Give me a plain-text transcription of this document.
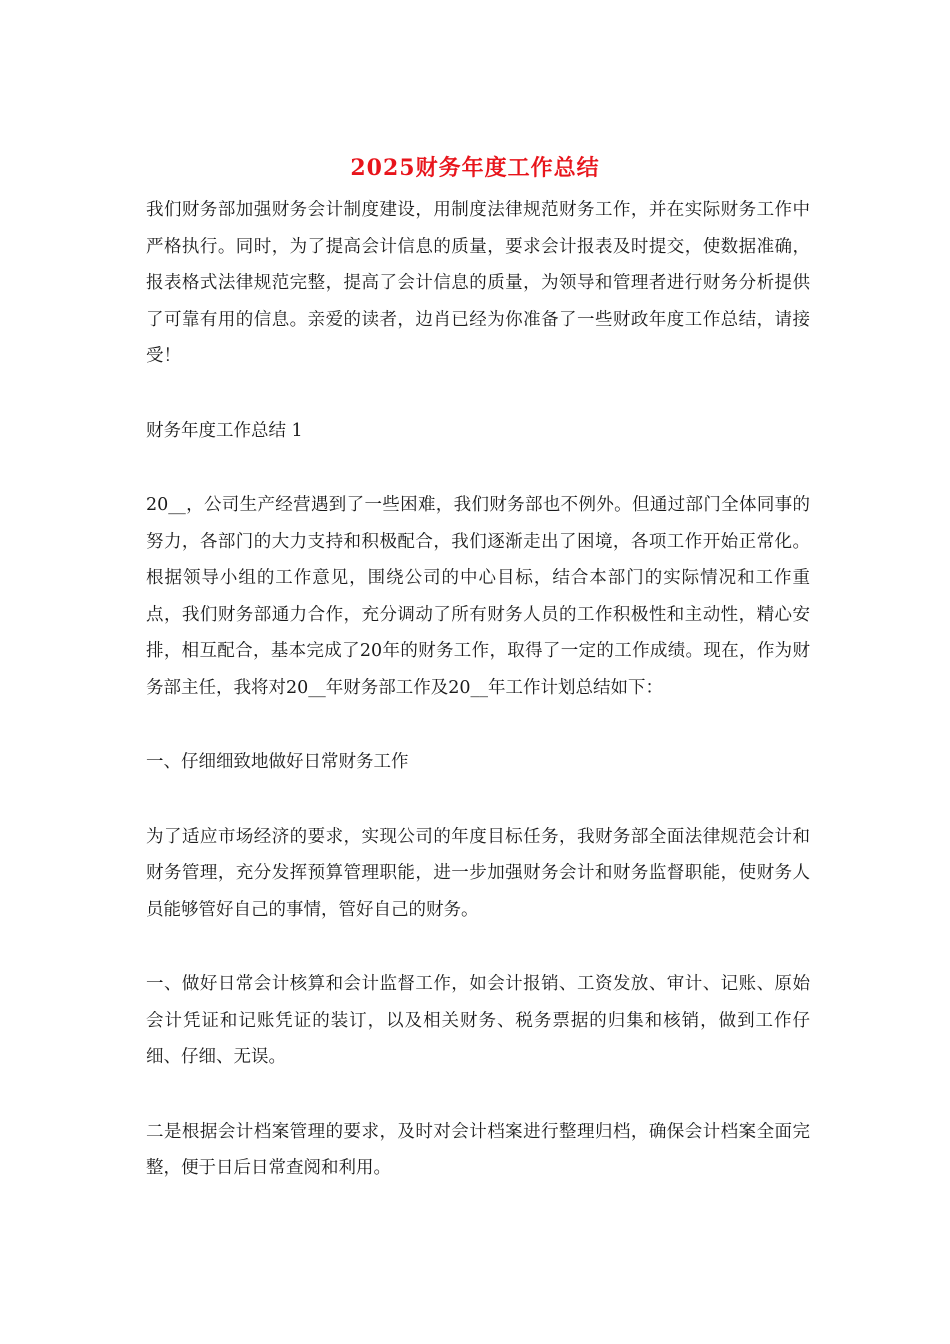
2025财务年度工作总结

我们财务部加强财务会计制度建设，用制度法律规范财务工作，并在实际财务工作中严格执行。同时，为了提高会计信息的质量，要求会计报表及时提交，使数据准确，报表格式法律规范完整，提高了会计信息的质量，为领导和管理者进行财务分析提供了可靠有用的信息。亲爱的读者，边肖已经为你准备了一些财政年度工作总结，请接受！

财务年度工作总结 1

20__，公司生产经营遇到了一些困难，我们财务部也不例外。但通过部门全体同事的努力，各部门的大力支持和积极配合，我们逐渐走出了困境，各项工作开始正常化。根据领导小组的工作意见，围绕公司的中心目标，结合本部门的实际情况和工作重点，我们财务部通力合作，充分调动了所有财务人员的工作积极性和主动性，精心安排，相互配合，基本完成了20年的财务工作，取得了一定的工作成绩。现在，作为财务部主任，我将对20__年财务部工作及20__年工作计划总结如下：

一、仔细细致地做好日常财务工作

为了适应市场经济的要求，实现公司的年度目标任务，我财务部全面法律规范会计和财务管理，充分发挥预算管理职能，进一步加强财务会计和财务监督职能，使财务人员能够管好自己的事情，管好自己的财务。

一、做好日常会计核算和会计监督工作，如会计报销、工资发放、审计、记账、原始会计凭证和记账凭证的装订，以及相关财务、税务票据的归集和核销，做到工作仔细、仔细、无误。

二是根据会计档案管理的要求，及时对会计档案进行整理归档，确保会计档案全面完整，便于日后日常查阅和利用。
